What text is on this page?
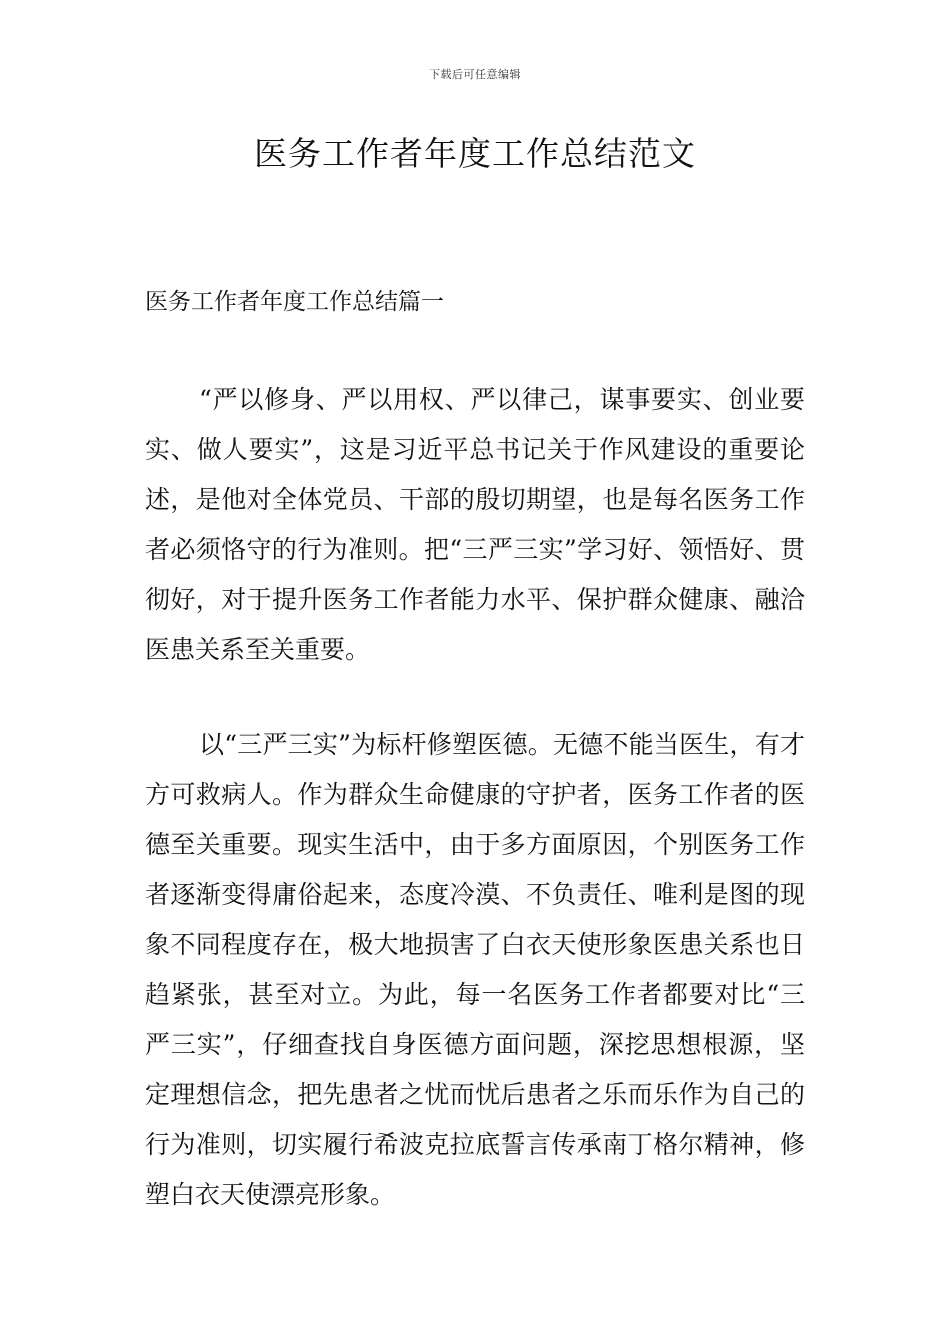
下载后可任意编辑
医务工作者年度工作总结范文
医务工作者年度工作总结篇一

“严以修身、严以用权、严以律己，谋事要实、创业要实、做人要实”，这是习近平总书记关于作风建设的重要论述，是他对全体党员、干部的殷切期望，也是每名医务工作者必须恪守的行为准则。把“三严三实”学习好、领悟好、贯彻好，对于提升医务工作者能力水平、保护群众健康、融洽医患关系至关重要。

以“三严三实”为标杆修塑医德。无德不能当医生，有才方可救病人。作为群众生命健康的守护者，医务工作者的医德至关重要。现实生活中，由于多方面原因，个别医务工作者逐渐变得庸俗起来，态度冷漠、不负责任、唯利是图的现象不同程度存在，极大地损害了白衣天使形象医患关系也日趋紧张，甚至对立。为此，每一名医务工作者都要对比“三严三实”，仔细查找自身医德方面问题，深挖思想根源，坚定理想信念，把先患者之忧而忧后患者之乐而乐作为自己的行为准则，切实履行希波克拉底誓言传承南丁格尔精神，修塑白衣天使漂亮形象。
